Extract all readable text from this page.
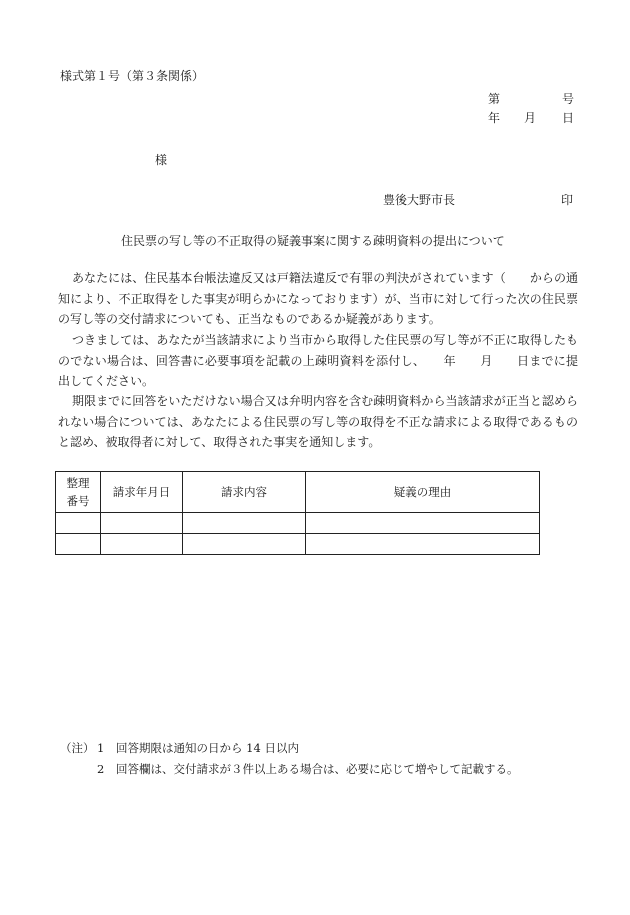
様式第１号（第３条関係）
第	号
年 月 日
様
豊後大野市長	印
住民票の写し等の不正取得の疑義事案に関する疎明資料の提出について
あなたには、住民基本台帳法違反又は戸籍法違反で有罪の判決がされています（　　からの通知により、不正取得をした事実が明らかになっております）が、当市に対して行った次の住民票の写し等の交付請求についても、正当なものであるか疑義があります。
つきましては、あなたが当該請求により当市から取得した住民票の写し等が不正に取得したものでない場合は、回答書に必要事項を記載の上疎明資料を添付し、　　年　　月　　日までに提出してください。
期限までに回答をいただけない場合又は弁明内容を含む疎明資料から当該請求が正当と認められない場合については、あなたによる住民票の写し等の取得を不正な請求による取得であるものと認め、被取得者に対して、取得された事実を通知します。
整理
番号	請求年月日	請求内容	疑義の理由

（注） 1 回答期限は通知の日から 14 日以内
2 回答欄は、交付請求が３件以上ある場合は、必要に応じて増やして記載する。
